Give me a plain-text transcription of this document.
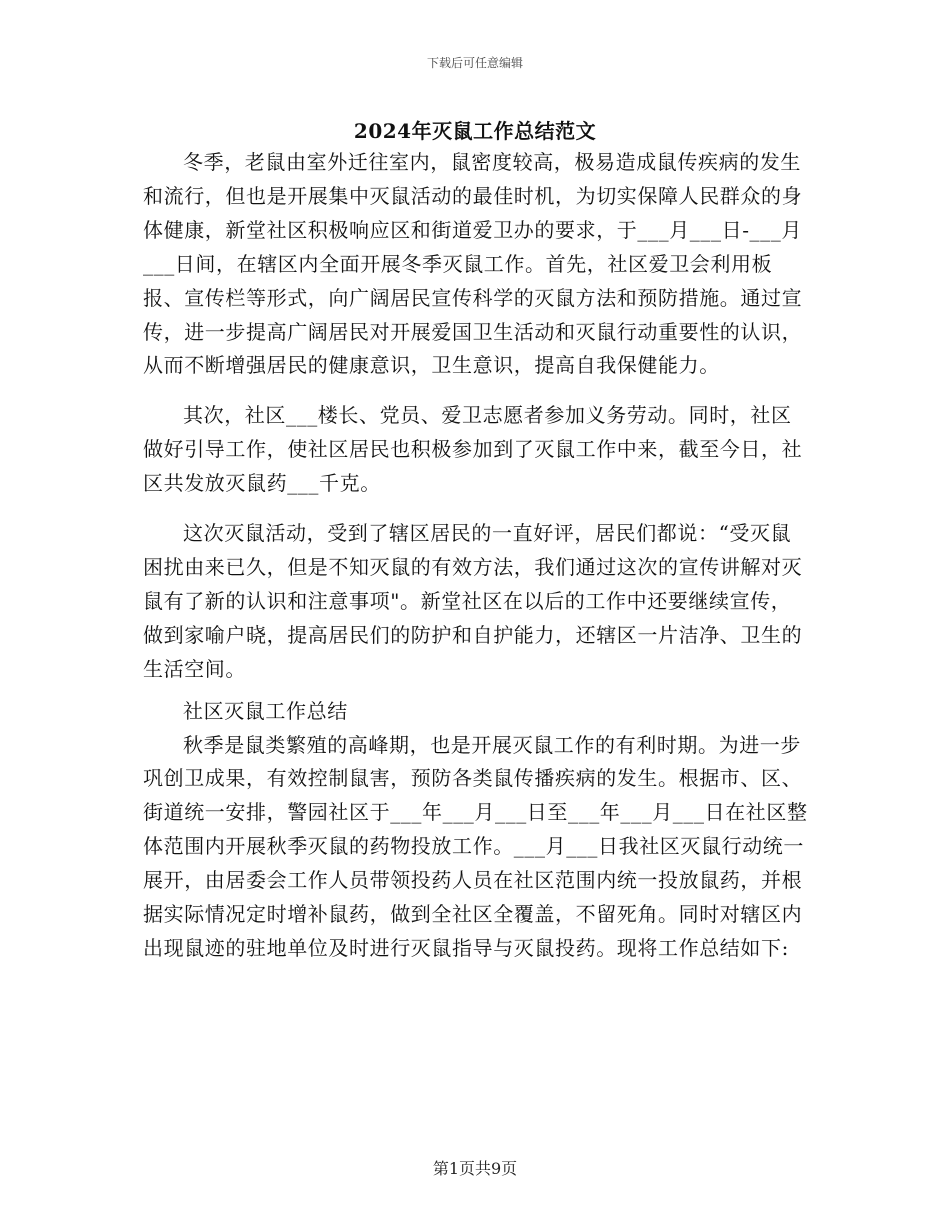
下载后可任意编辑
2024年灭鼠工作总结范文

冬季，老鼠由室外迁往室内，鼠密度较高，极易造成鼠传疾病的发生和流行，但也是开展集中灭鼠活动的最佳时机，为切实保障人民群众的身体健康，新堂社区积极响应区和街道爱卫办的要求，于___月___日-___月___日间，在辖区内全面开展冬季灭鼠工作。首先，社区爱卫会利用板报、宣传栏等形式，向广阔居民宣传科学的灭鼠方法和预防措施。通过宣传，进一步提高广阔居民对开展爱国卫生活动和灭鼠行动重要性的认识，从而不断增强居民的健康意识，卫生意识，提高自我保健能力。

其次，社区___楼长、党员、爱卫志愿者参加义务劳动。同时，社区做好引导工作，使社区居民也积极参加到了灭鼠工作中来，截至今日，社区共发放灭鼠药___千克。

这次灭鼠活动，受到了辖区居民的一直好评，居民们都说：“受灭鼠困扰由来已久，但是不知灭鼠的有效方法，我们通过这次的宣传讲解对灭鼠有了新的认识和注意事项"。新堂社区在以后的工作中还要继续宣传，做到家喻户晓，提高居民们的防护和自护能力，还辖区一片洁净、卫生的生活空间。

社区灭鼠工作总结

秋季是鼠类繁殖的高峰期，也是开展灭鼠工作的有利时期。为进一步巩创卫成果，有效控制鼠害，预防各类鼠传播疾病的发生。根据市、区、街道统一安排，警园社区于___年___月___日至___年___月___日在社区整体范围内开展秋季灭鼠的药物投放工作。___月___日我社区灭鼠行动统一展开，由居委会工作人员带领投药人员在社区范围内统一投放鼠药，并根据实际情况定时增补鼠药，做到全社区全覆盖，不留死角。同时对辖区内出现鼠迹的驻地单位及时进行灭鼠指导与灭鼠投药。现将工作总结如下:

第1页共9页
